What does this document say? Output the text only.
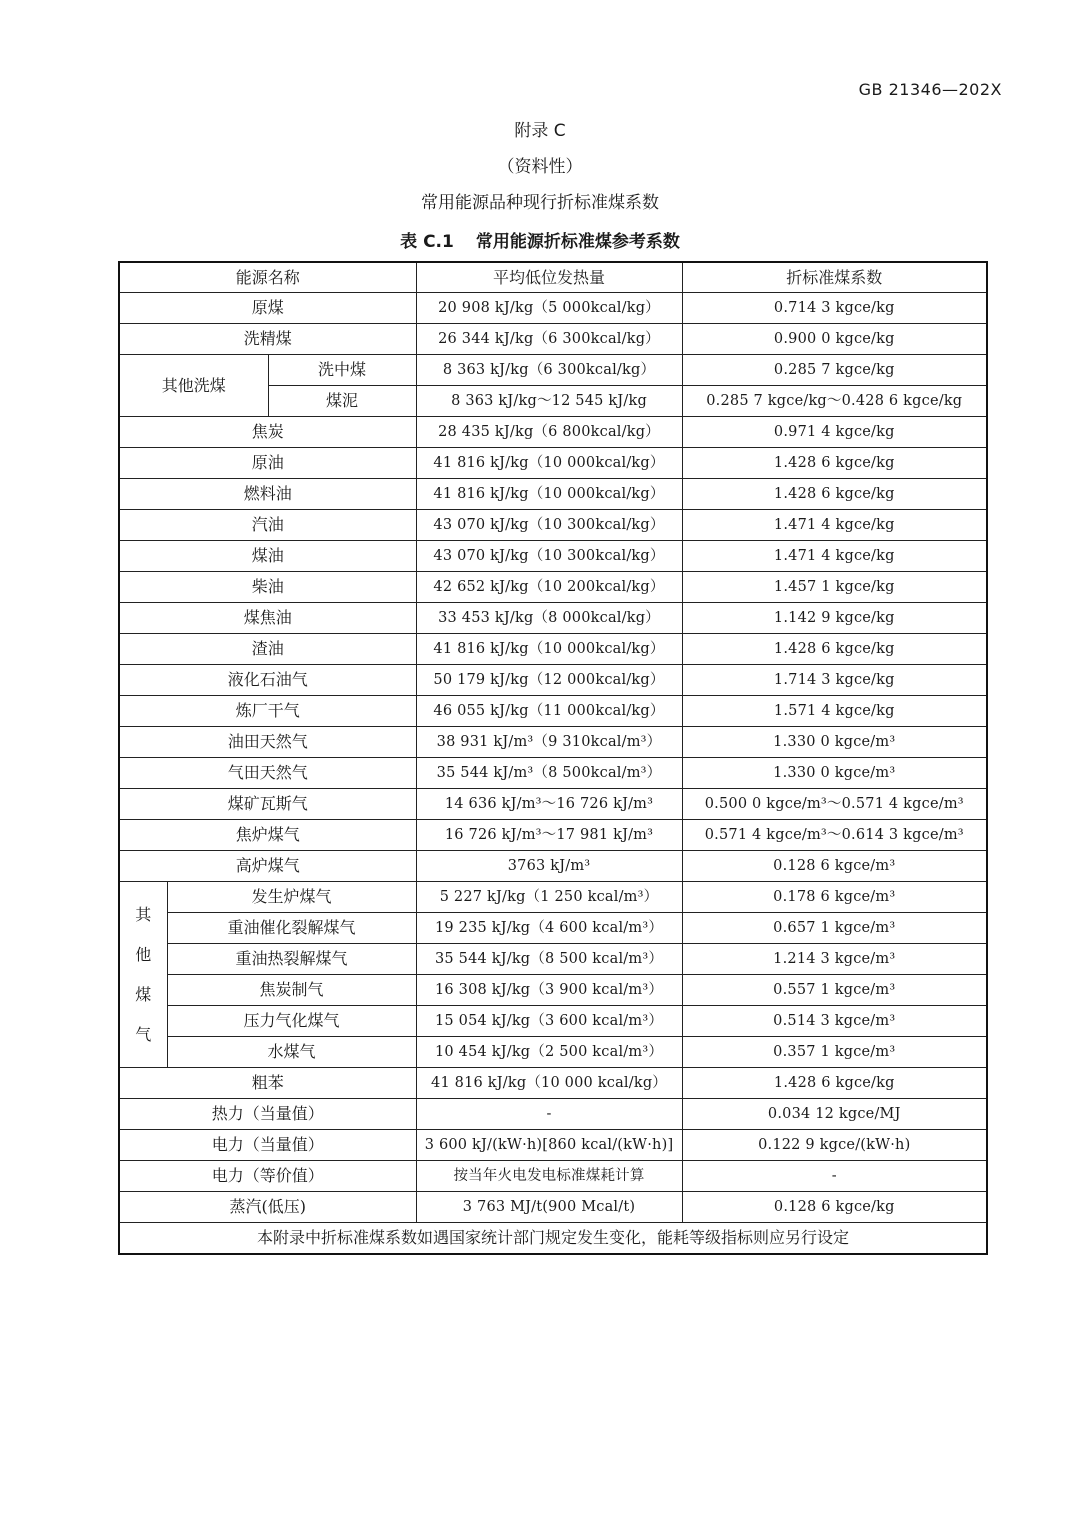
GB 21346—202X
附录 C
（资料性）
常用能源品种现行折标准煤系数
表 C.1 常用能源折标准煤参考系数
能源名称			平均低位发热量	折标准煤系数
原煤			20 908 kJ/kg（5 000kcal/kg）	0.714 3 kgce/kg
洗精煤			26 344 kJ/kg（6 300kcal/kg）	0.900 0 kgce/kg
其他洗煤		洗中煤	8 363 kJ/kg（6 300kcal/kg）	0.285 7 kgce/kg
		煤泥	8 363 kJ/kg～12 545 kJ/kg	0.285 7 kgce/kg～0.428 6 kgce/kg
焦炭			28 435 kJ/kg（6 800kcal/kg）	0.971 4 kgce/kg
原油			41 816 kJ/kg（10 000kcal/kg）	1.428 6 kgce/kg
燃料油			41 816 kJ/kg（10 000kcal/kg）	1.428 6 kgce/kg
汽油			43 070 kJ/kg（10 300kcal/kg）	1.471 4 kgce/kg
煤油			43 070 kJ/kg（10 300kcal/kg）	1.471 4 kgce/kg
柴油			42 652 kJ/kg（10 200kcal/kg）	1.457 1 kgce/kg
煤焦油			33 453 kJ/kg（8 000kcal/kg）	1.142 9 kgce/kg
渣油			41 816 kJ/kg（10 000kcal/kg）	1.428 6 kgce/kg
液化石油气			50 179 kJ/kg（12 000kcal/kg）	1.714 3 kgce/kg
炼厂干气			46 055 kJ/kg（11 000kcal/kg）	1.571 4 kgce/kg
油田天然气			38 931 kJ/m³（9 310kcal/m³）	1.330 0 kgce/m³
气田天然气			35 544 kJ/m³（8 500kcal/m³）	1.330 0 kgce/m³
煤矿瓦斯气			14 636 kJ/m³～16 726 kJ/m³	0.500 0 kgce/m³～0.571 4 kgce/m³
焦炉煤气			16 726 kJ/m³～17 981 kJ/m³	0.571 4 kgce/m³～0.614 3 kgce/m³
高炉煤气			3763 kJ/m³	0.128 6 kgce/m³

其
他
煤
气	发生炉煤气		5 227 kJ/kg（1 250 kcal/m³）	0.178 6 kgce/m³
	重油催化裂解煤气		19 235 kJ/kg（4 600 kcal/m³）	0.657 1 kgce/m³
	重油热裂解煤气		35 544 kJ/kg（8 500 kcal/m³）	1.214 3 kgce/m³
	焦炭制气		16 308 kJ/kg（3 900 kcal/m³）	0.557 1 kgce/m³
	压力气化煤气		15 054 kJ/kg（3 600 kcal/m³）	0.514 3 kgce/m³
	水煤气		10 454 kJ/kg（2 500 kcal/m³）	0.357 1 kgce/m³
粗苯			41 816 kJ/kg（10 000 kcal/kg）	1.428 6 kgce/kg
热力（当量值）			-	0.034 12 kgce/MJ
电力（当量值）			3 600 kJ/(kW·h)[860 kcal/(kW·h)]	0.122 9 kgce/(kW·h)
电力（等价值）			按当年火电发电标准煤耗计算	-
蒸汽(低压)			3 763 MJ/t(900 Mcal/t)	0.128 6 kgce/kg
本附录中折标准煤系数如遇国家统计部门规定发生变化，能耗等级指标则应另行设定				
